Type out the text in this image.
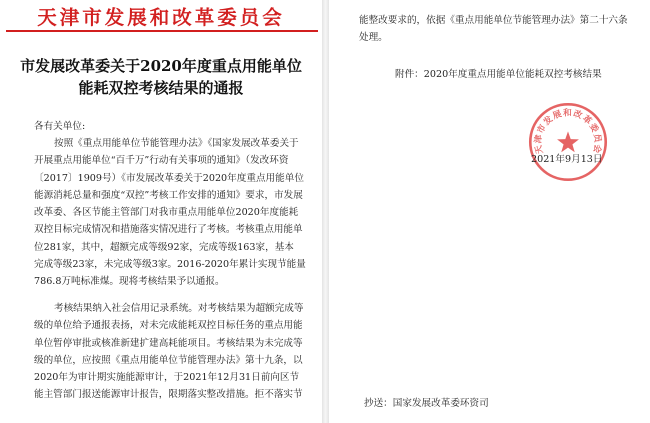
天津市发展和改革委员会
市发展改革委关于2020年度重点用能单位
能耗双控考核结果的通报
各有关单位:
按照《重点用能单位节能管理办法》《国家发展改革委关于
开展重点用能单位“百千万”行动有关事项的通知》（发改环资
〔2017〕1909号）《市发展改革委关于2020年度重点用能单位
能源消耗总量和强度“双控”考核工作安排的通知》要求，市发展
改革委、各区节能主管部门对我市重点用能单位2020年度能耗
双控目标完成情况和措施落实情况进行了考核。考核重点用能单
位281家，其中，超额完成等级92家，完成等级163家，基本
完成等级23家，未完成等级3家。2016-2020年累计实现节能量
786.8万吨标准煤。现将考核结果予以通报。
考核结果纳入社会信用记录系统。对考核结果为超额完成等
级的单位给予通报表扬，对未完成能耗双控目标任务的重点用能
单位暂停审批或核准新建扩建高耗能项目。考核结果为未完成等
级的单位，应按照《重点用能单位节能管理办法》第十九条，以
2020年为审计期实施能源审计，于2021年12月31日前向区节
能主管部门报送能源审计报告，限期落实整改措施。拒不落实节
能整改要求的，依据《重点用能单位节能管理办法》第二十六条
处理。
附件：2020年度重点用能单位能耗双控考核结果
天津市发展和改革委员会
2021年9月13日
抄送：国家发展改革委环资司
